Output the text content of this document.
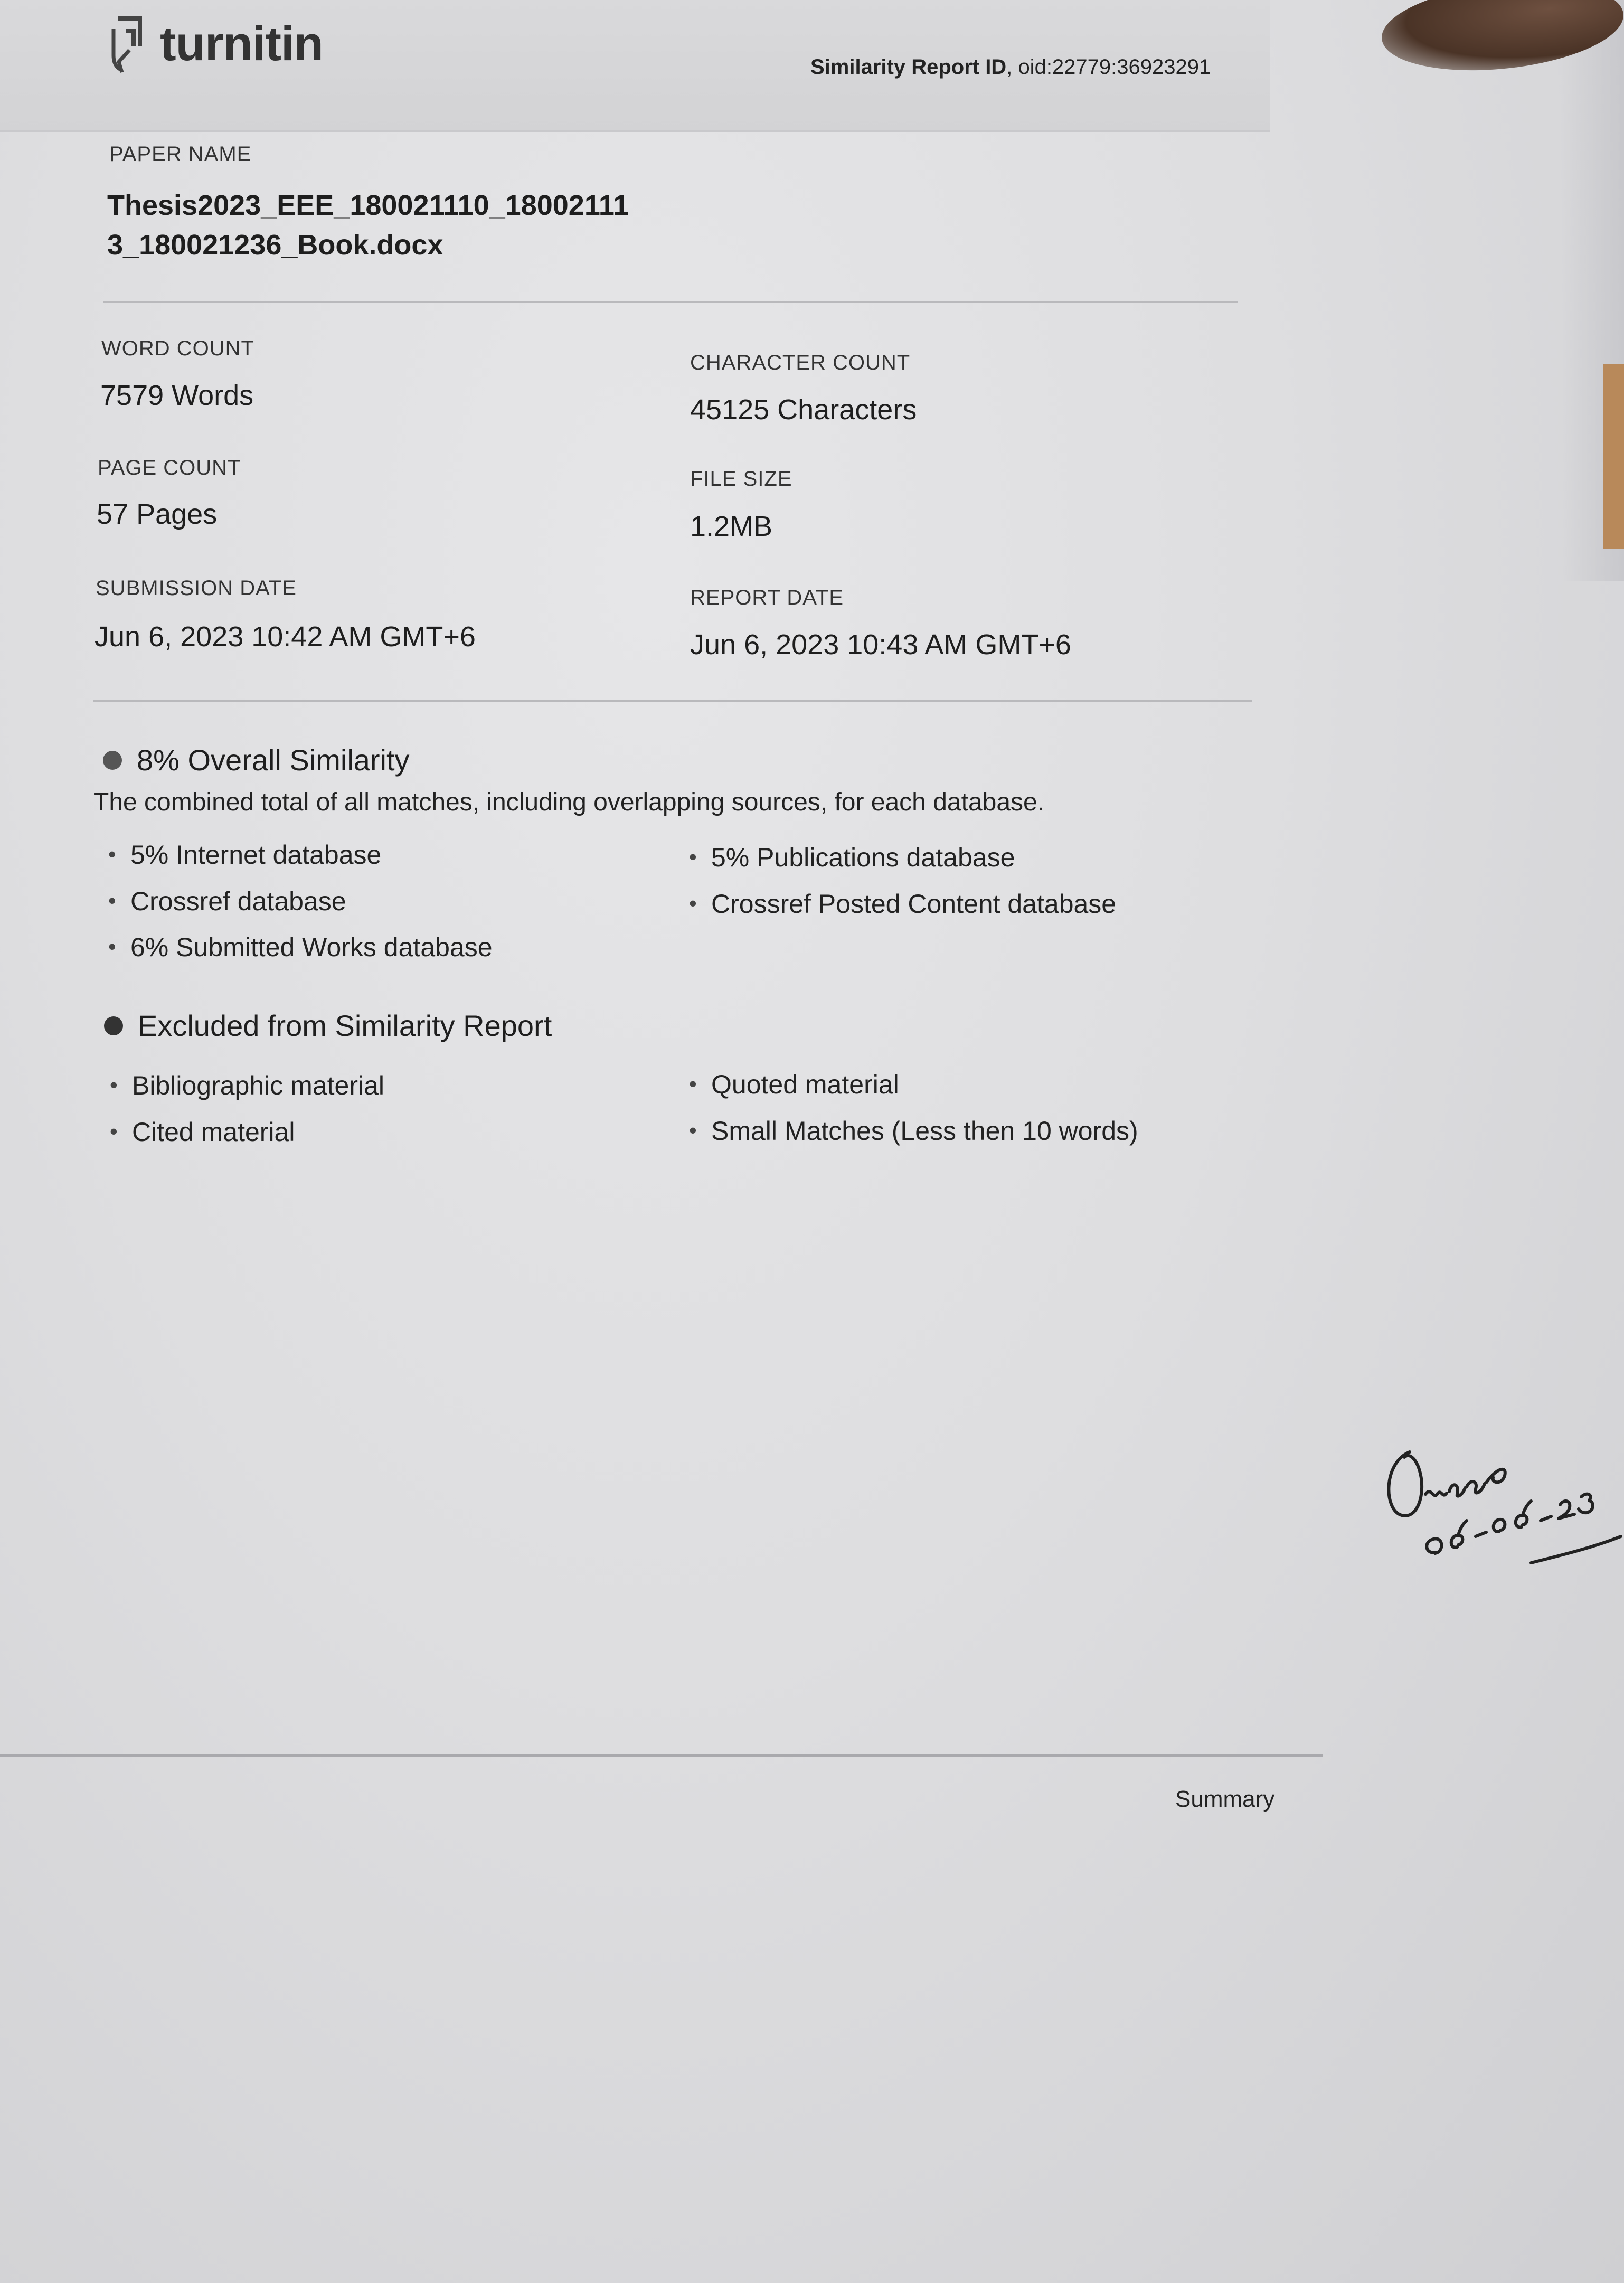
turnitin	Similarity Report ID, oid:22779:36923291
PAPER NAME
Thesis2023_EEE_180021110_18002111
3_180021236_Book.docx
WORD COUNT
7579 Words
CHARACTER COUNT
45125 Characters
PAGE COUNT
57 Pages
FILE SIZE
1.2MB
SUBMISSION DATE
Jun 6, 2023 10:42 AM GMT+6
REPORT DATE
Jun 6, 2023 10:43 AM GMT+6
8% Overall Similarity
The combined total of all matches, including overlapping sources, for each database.
• 5% Internet database
• Crossref database
• 6% Submitted Works database
• 5% Publications database
• Crossref Posted Content database
Excluded from Similarity Report
• Bibliographic material
• Cited material
• Quoted material
• Small Matches (Less then 10 words)
Summary
